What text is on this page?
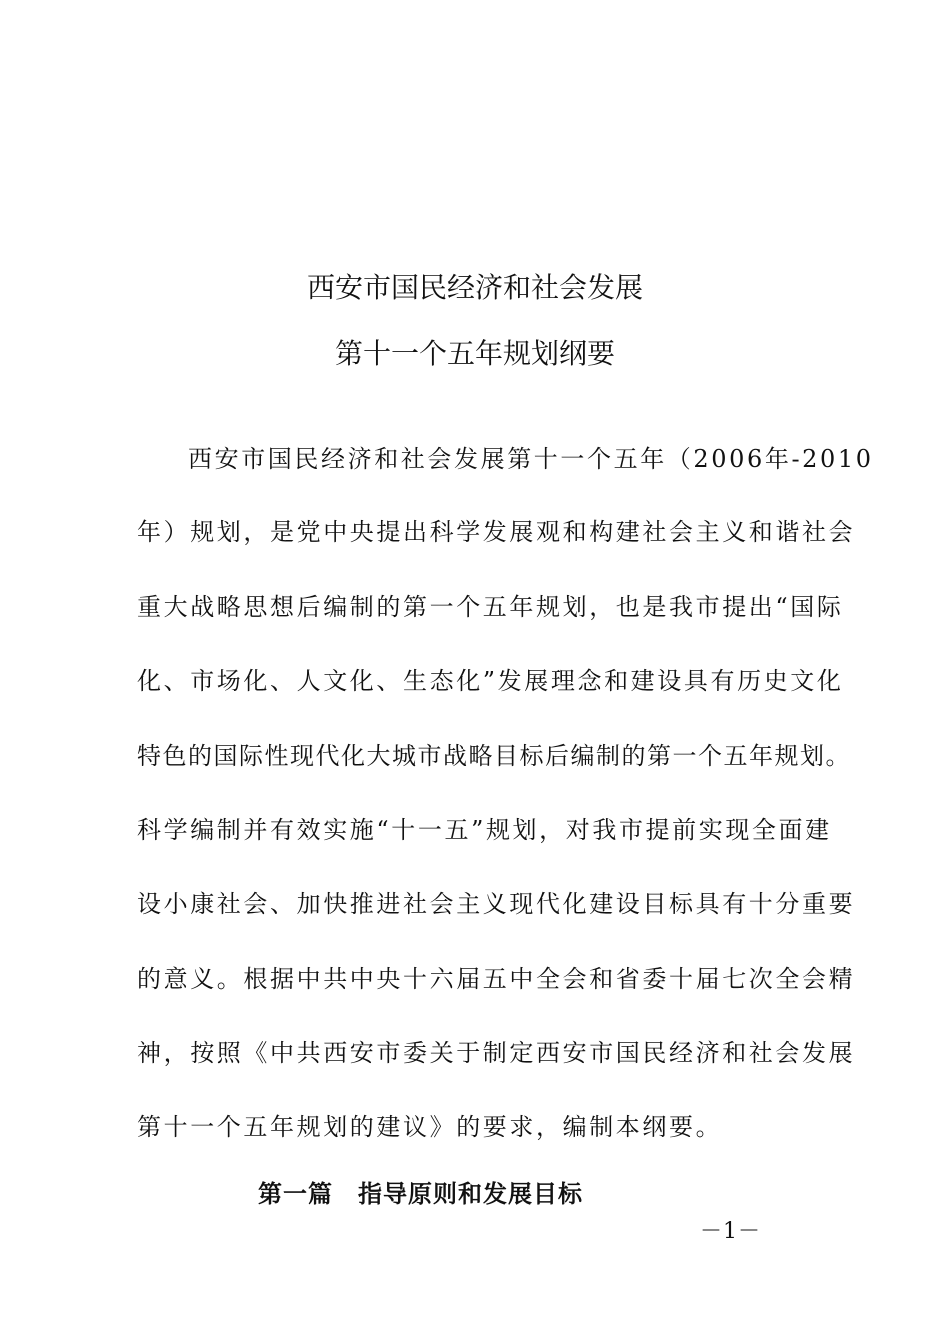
西安市国民经济和社会发展
第十一个五年规划纲要

西安市国民经济和社会发展第十一个五年（2006年-2010

年）规划，是党中央提出科学发展观和构建社会主义和谐社会

重大战略思想后编制的第一个五年规划，也是我市提出“国际

化、市场化、人文化、生态化”发展理念和建设具有历史文化

特色的国际性现代化大城市战略目标后编制的第一个五年规划。

科学编制并有效实施“十一五”规划，对我市提前实现全面建

设小康社会、加快推进社会主义现代化建设目标具有十分重要

的意义。根据中共中央十六届五中全会和省委十届七次全会精

神，按照《中共西安市委关于制定西安市国民经济和社会发展

第十一个五年规划的建议》的要求，编制本纲要。

第一篇　指导原则和发展目标
－1－
